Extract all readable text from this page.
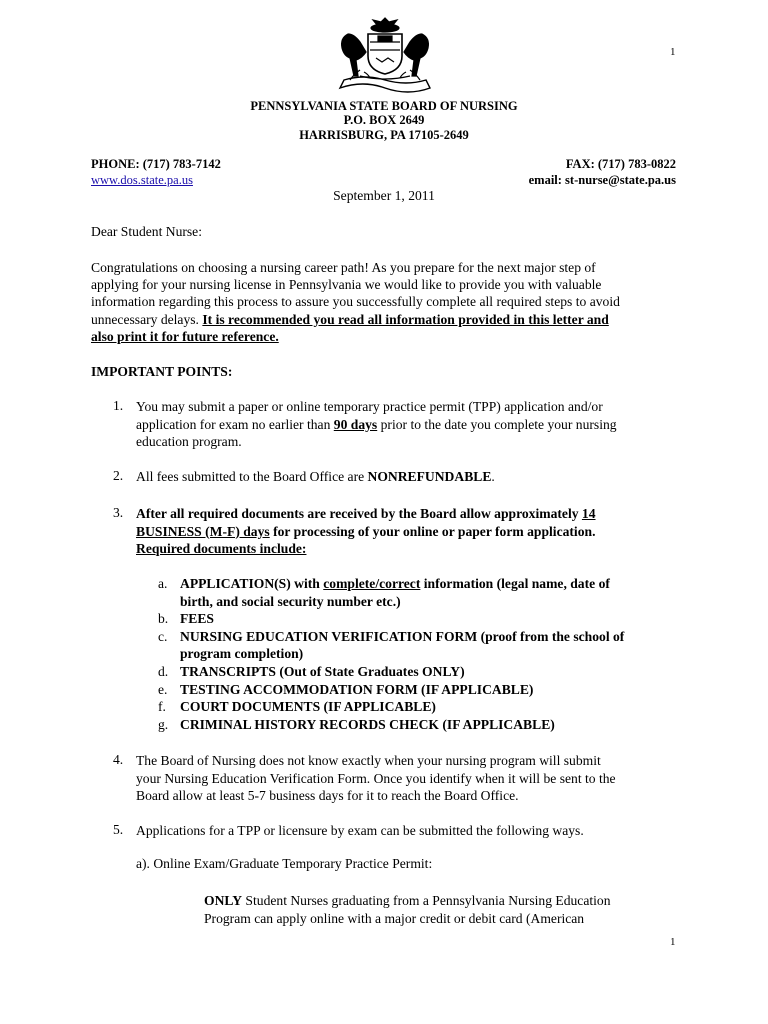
1
PENNSYLVANIA STATE BOARD OF NURSING
P.O. BOX 2649
HARRISBURG, PA 17105-2649
PHONE: (717) 783-7142
www.dos.state.pa.us
FAX: (717) 783-0822
email: st-nurse@state.pa.us
September 1, 2011
Dear Student Nurse:
Congratulations on choosing a nursing career path! As you prepare for the next major step of
applying for your nursing license in Pennsylvania we would like to provide you with valuable
information regarding this process to assure you successfully complete all required steps to avoid
unnecessary delays. It is recommended you read all information provided in this letter and
also print it for future reference.
IMPORTANT POINTS:
1. You may submit a paper or online temporary practice permit (TPP) application and/or
application for exam no earlier than 90 days prior to the date you complete your nursing
education program.
2. All fees submitted to the Board Office are NONREFUNDABLE.
3. After all required documents are received by the Board allow approximately 14
BUSINESS (M-F) days for processing of your online or paper form application.
Required documents include:
a. APPLICATION(S) with complete/correct information (legal name, date of
birth, and social security number etc.)
b. FEES
c. NURSING EDUCATION VERIFICATION FORM (proof from the school of
program completion)
d. TRANSCRIPTS (Out of State Graduates ONLY)
e. TESTING ACCOMMODATION FORM (IF APPLICABLE)
f.	COURT DOCUMENTS (IF APPLICABLE)
g. CRIMINAL HISTORY RECORDS CHECK (IF APPLICABLE)
4. The Board of Nursing does not know exactly when your nursing program will submit
your Nursing Education Verification Form. Once you identify when it will be sent to the
Board allow at least 5-7 business days for it to reach the Board Office.
5. Applications for a TPP or licensure by exam can be submitted the following ways.
a). Online Exam/Graduate Temporary Practice Permit:
ONLY Student Nurses graduating from a Pennsylvania Nursing Education
Program can apply online with a major credit or debit card (American
1
